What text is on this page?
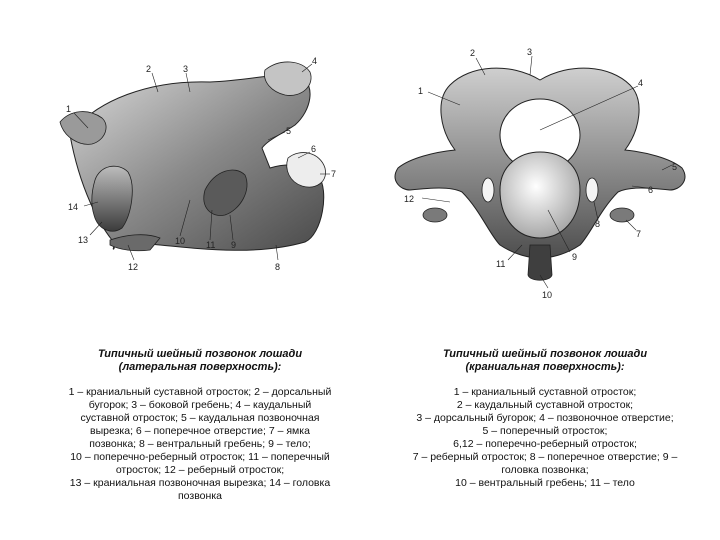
1
2	3
4
5
6
7
8
9
11
10
12
13
14
1
2	3
4
5
6
7
8
9
10
11
12
Типичный шейный позвонок лошади
(латеральная поверхность):
1 – краниальный суставной отросток; 2 – дорсальный
бугорок; 3 – боковой гребень; 4 – каудальный
суставной отросток; 5 – каудальная позвоночная
вырезка; 6 – поперечное отверстие; 7 – ямка
позвонка; 8 – вентральный гребень; 9 – тело;
10 – поперечно-реберный отросток; 11 – поперечный
отросток; 12 – реберный отросток;
13 – краниальная позвоночная вырезка; 14 – головка
позвонка
Типичный шейный позвонок лошади
(краниальная поверхность):
1 – краниальный суставной отросток;
2 – каудальный суставной отросток;
3 – дорсальный бугорок; 4 – позвоночное отверстие;
5 – поперечный отросток;
6,12 – поперечно-реберный отросток;
7 – реберный отросток; 8 – поперечное отверстие; 9 –
головка позвонка;
10 – вентральный гребень; 11 – тело
